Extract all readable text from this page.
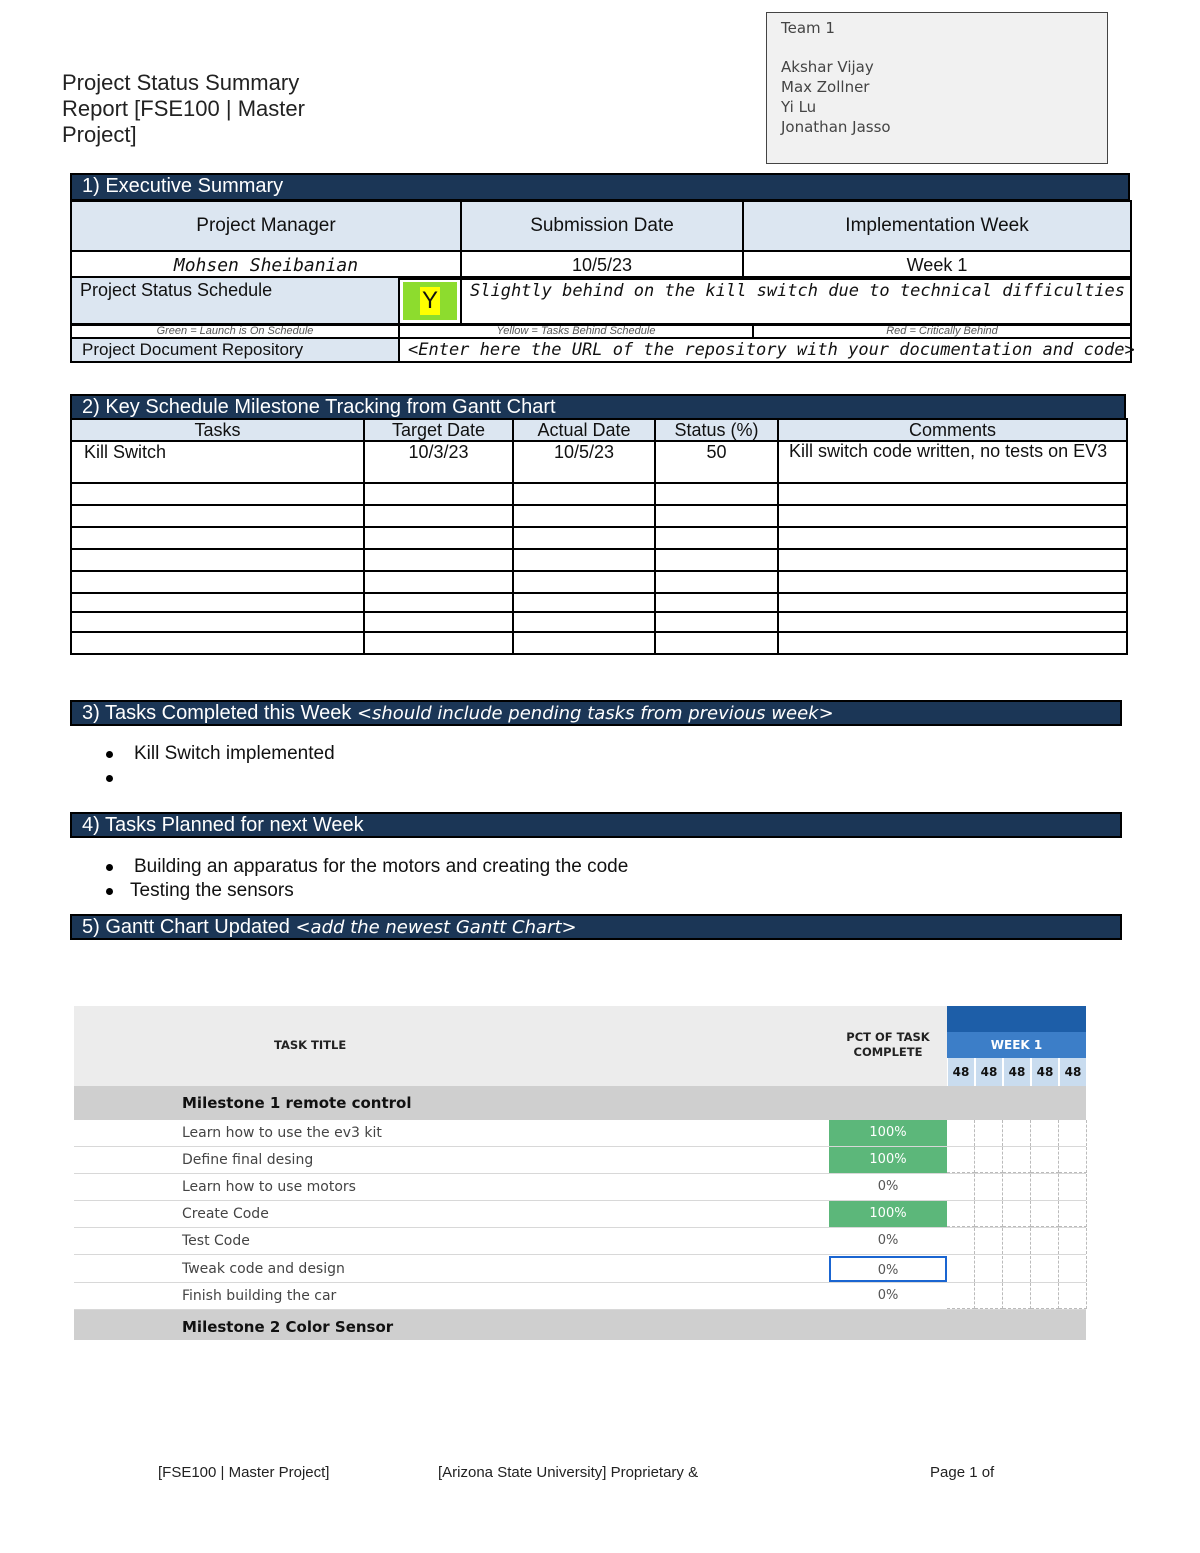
Project Status Summary
Report [FSE100 | Master
Project]
Team 1
Akshar Vijay
Max Zollner
Yi Lu
Jonathan Jasso
1) Executive Summary
Project Manager	Submission Date	Implementation Week
Mohsen Sheibanian	10/5/23	Week 1
Project Status Schedule	Y	Slightly behind on the kill switch due to technical difficulties
Green = Launch is On Schedule	Yellow = Tasks Behind Schedule	Red = Critically Behind
Project Document Repository	<Enter here the URL of the repository with your documentation and code>
2) Key Schedule Milestone Tracking from Gantt Chart
Tasks	Target Date	Actual Date	Status (%)	Comments
Kill Switch	10/3/23	10/5/23	50	Kill switch code written, no tests on EV3

3) Tasks Completed this Week <should include pending tasks from previous week>
Kill Switch implemented
4) Tasks Planned for next Week
Building an apparatus for the motors and creating the code
Testing the sensors
5) Gantt Chart Updated <add the newest Gantt Chart>
TASK TITLE
PCT OF TASK
COMPLETE	WEEK 1
48 48 48 48 48
Milestone 1 remote control
Learn how to use the ev3 kit	100%
Define final desing	100%
Learn how to use motors	0%
Create Code	100%
Test Code	0%
Tweak code and design	0%
Finish building the car	0%
Milestone 2 Color Sensor
[FSE100 | Master Project]	[Arizona State University] Proprietary &	Page 1 of
